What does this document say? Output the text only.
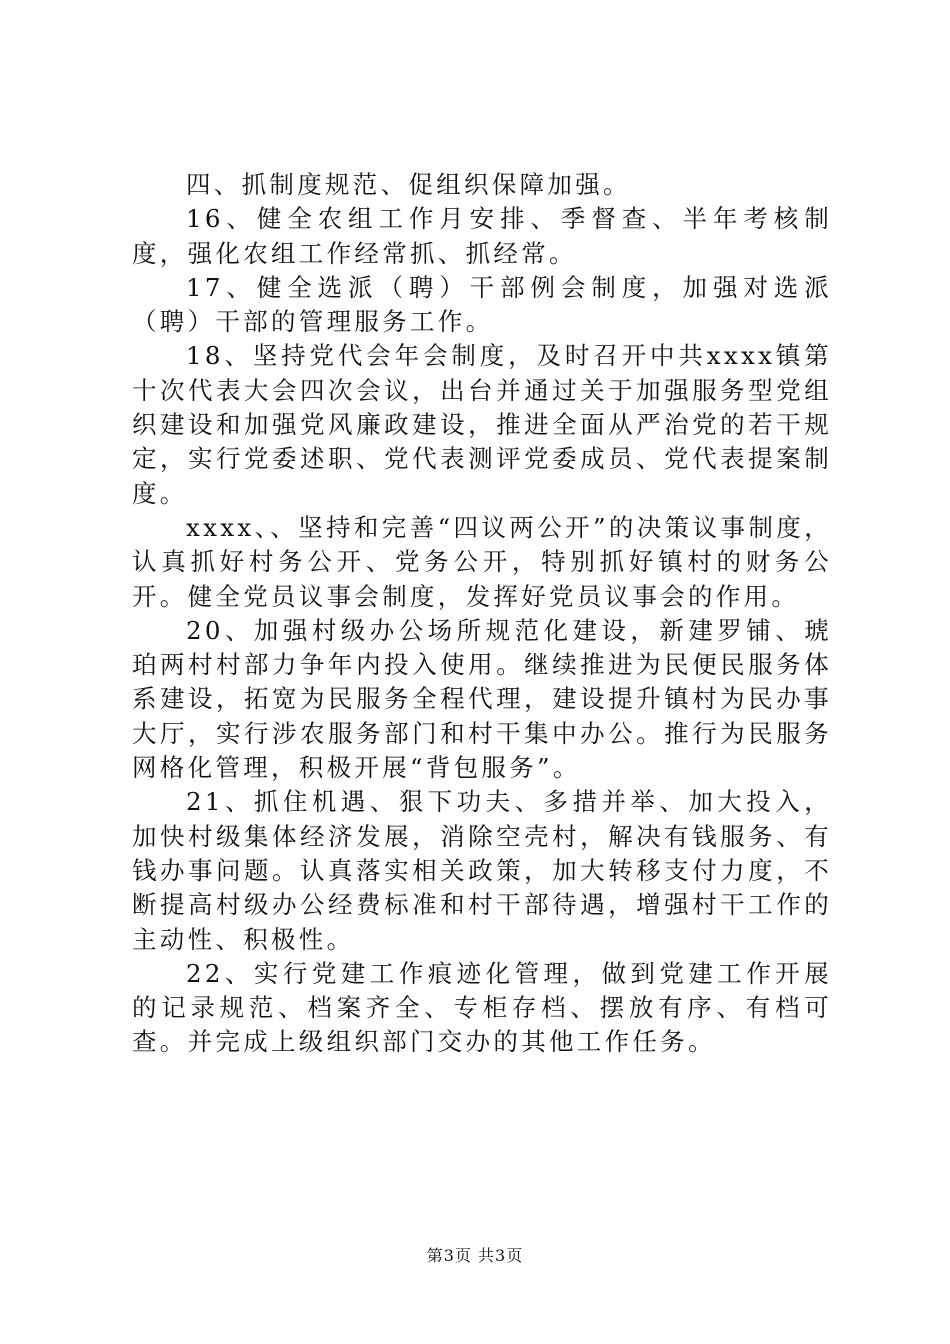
四、抓制度规范、促组织保障加强。

16、健全农组工作月安排、季督查、半年考核制度，强化农组工作经常抓、抓经常。

17、健全选派（聘）干部例会制度，加强对选派（聘）干部的管理服务工作。

18、坚持党代会年会制度，及时召开中共xxxx镇第十次代表大会四次会议，出台并通过关于加强服务型党组织建设和加强党风廉政建设，推进全面从严治党的若干规定，实行党委述职、党代表测评党委成员、党代表提案制度。

xxxx、、坚持和完善“四议两公开”的决策议事制度，认真抓好村务公开、党务公开，特别抓好镇村的财务公开。健全党员议事会制度，发挥好党员议事会的作用。

20、加强村级办公场所规范化建设，新建罗铺、琥珀两村村部力争年内投入使用。继续推进为民便民服务体系建设，拓宽为民服务全程代理，建设提升镇村为民办事大厅，实行涉农服务部门和村干集中办公。推行为民服务网格化管理，积极开展“背包服务”。

21、抓住机遇、狠下功夫、多措并举、加大投入，加快村级集体经济发展，消除空壳村，解决有钱服务、有钱办事问题。认真落实相关政策，加大转移支付力度，不断提高村级办公经费标准和村干部待遇，增强村干工作的主动性、积极性。

22、实行党建工作痕迹化管理，做到党建工作开展的记录规范、档案齐全、专柜存档、摆放有序、有档可查。并完成上级组织部门交办的其他工作任务。

第3页 共3页
